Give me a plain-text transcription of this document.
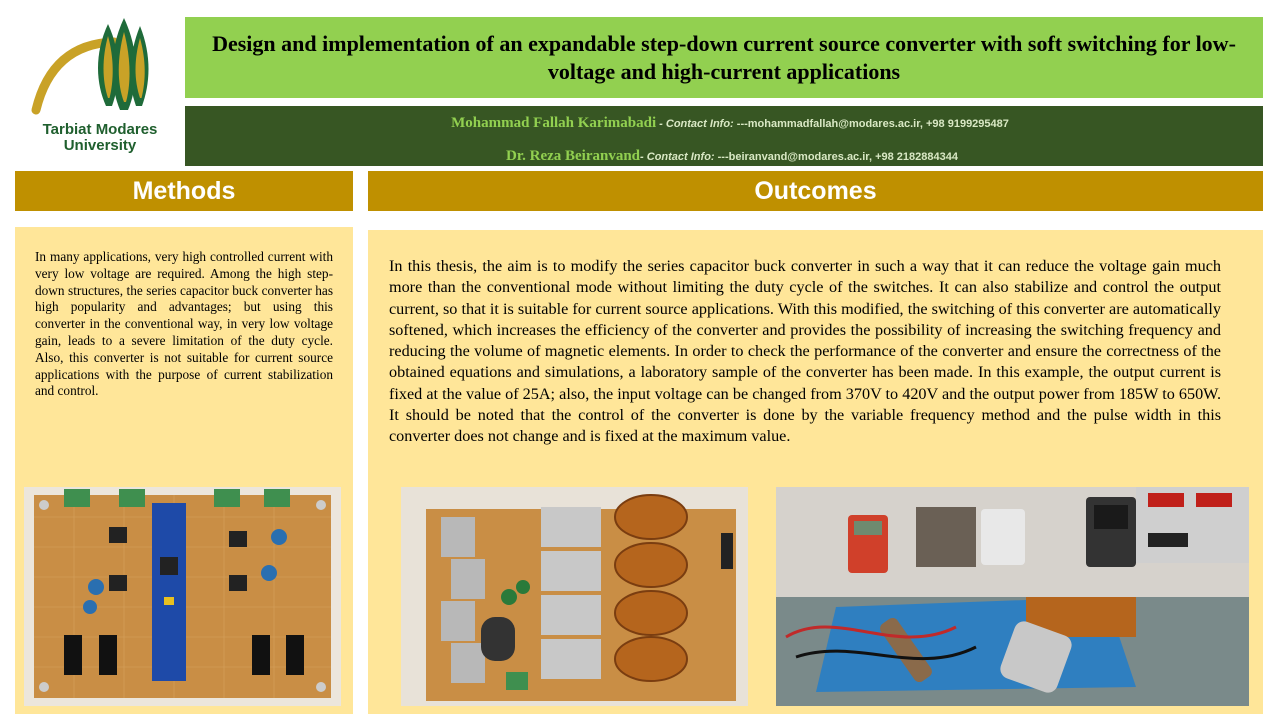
Tarbiat Modares
University
Design and implementation of an expandable step-down current source converter with soft switching for low-voltage and high-current applications
Mohammad Fallah Karimabadi - Contact Info: ---mohammadfallah@modares.ac.ir, +98 9199295487
Dr. Reza Beiranvand- Contact Info: ---beiranvand@modares.ac.ir, +98 2182884344
Methods	Outcomes

In many applications, very high controlled current with very low voltage are required. Among the high step-down structures, the series capacitor buck converter has high popularity and advantages; but using this converter in the conventional way, in very low voltage gain, leads to a severe limitation of the duty cycle. Also, this converter is not suitable for current source applications with the purpose of current stabilization and control.

In this thesis, the aim is to modify the series capacitor buck converter in such a way that it can reduce the voltage gain much more than the conventional mode without limiting the duty cycle of the switches. It can also stabilize and control the output current, so that it is suitable for current source applications. With this modified, the switching of this converter are automatically softened, which increases the efficiency of the converter and provides the possibility of increasing the switching frequency and reducing the volume of magnetic elements. In order to check the performance of the converter and ensure the correctness of the obtained equations and simulations, a laboratory sample of the converter has been made. In this example, the output current is fixed at the value of 25A; also, the input voltage can be changed from 370V to 420V and the output power from 185W to 650W. It should be noted that the control of the converter is done by the variable frequency method and the pulse width in this converter does not change and is fixed at the maximum value.
